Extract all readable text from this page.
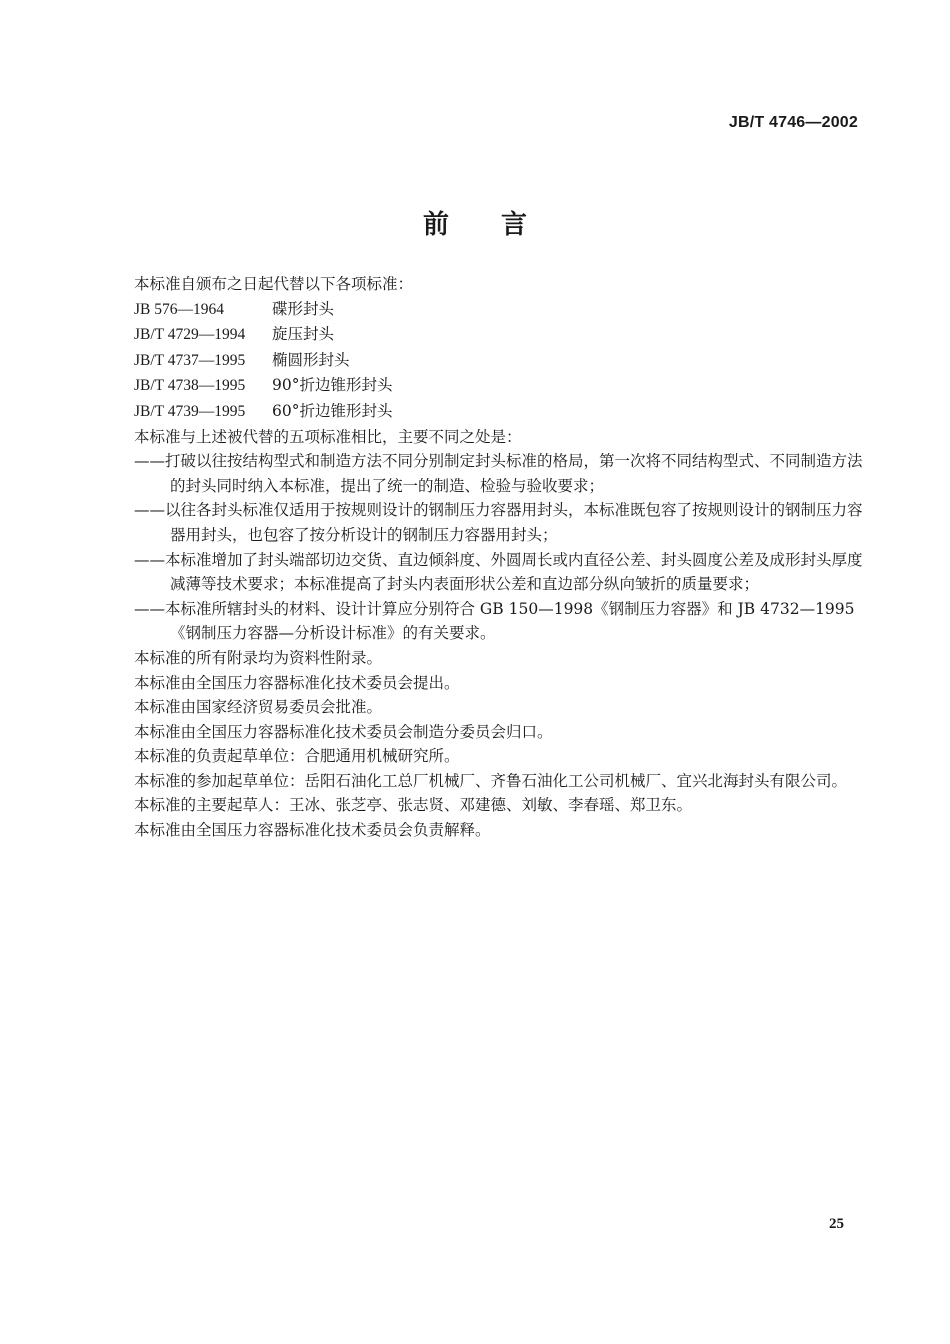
JB/T 4746—2002
前言

本标准自颁布之日起代替以下各项标准：

JB 576—1964	碟形封头

JB/T 4729—1994 旋压封头

JB/T 4737—1995 椭圆形封头

JB/T 4738—1995 90°折边锥形封头

JB/T 4739—1995 60°折边锥形封头

本标准与上述被代替的五项标准相比，主要不同之处是：

——打破以往按结构型式和制造方法不同分别制定封头标准的格局，第一次将不同结构型式、不同制造方法的封头同时纳入本标准，提出了统一的制造、检验与验收要求；

——以往各封头标准仅适用于按规则设计的钢制压力容器用封头，本标准既包容了按规则设计的钢制压力容器用封头，也包容了按分析设计的钢制压力容器用封头；

——本标准增加了封头端部切边交货、直边倾斜度、外圆周长或内直径公差、封头圆度公差及成形封头厚度减薄等技术要求；本标准提高了封头内表面形状公差和直边部分纵向皱折的质量要求；

——本标准所辖封头的材料、设计计算应分别符合 GB 150—1998《钢制压力容器》和 JB 4732—1995《钢制压力容器—分析设计标准》的有关要求。

本标准的所有附录均为资料性附录。

本标准由全国压力容器标准化技术委员会提出。

本标准由国家经济贸易委员会批准。

本标准由全国压力容器标准化技术委员会制造分委员会归口。

本标准的负责起草单位：合肥通用机械研究所。

本标准的参加起草单位：岳阳石油化工总厂机械厂、齐鲁石油化工公司机械厂、宜兴北海封头有限公司。

本标准的主要起草人：王冰、张芝亭、张志贤、邓建德、刘敏、李春瑶、郑卫东。

本标准由全国压力容器标准化技术委员会负责解释。

25
